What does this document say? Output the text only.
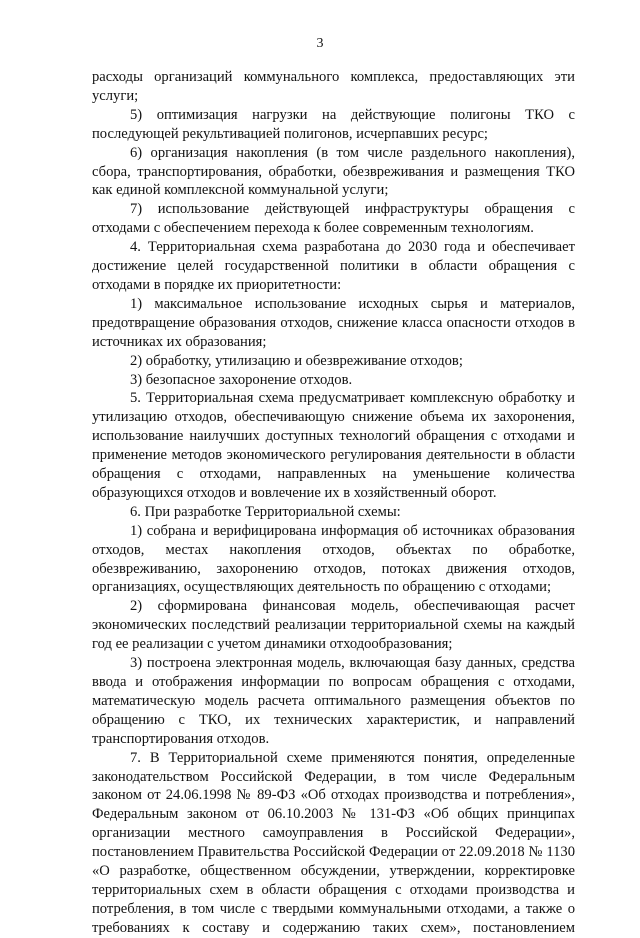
3

расходы организаций коммунального комплекса, предоставляющих эти услуги;

5) оптимизация нагрузки на действующие полигоны ТКО с последующей рекультивацией полигонов, исчерпавших ресурс;

6) организация накопления (в том числе раздельного накопления), сбора, транспортирования, обработки, обезвреживания и размещения ТКО как единой комплексной коммунальной услуги;

7) использование действующей инфраструктуры обращения с отходами с обеспечением перехода к более современным технологиям.

4. Территориальная схема разработана до 2030 года и обеспечивает достижение целей государственной политики в области обращения с отходами в порядке их приоритетности:

1) максимальное использование исходных сырья и материалов, предотвращение образования отходов, снижение класса опасности отходов в источниках их образования;

2) обработку, утилизацию и обезвреживание отходов;

3) безопасное захоронение отходов.

5. Территориальная схема предусматривает комплексную обработку и утилизацию отходов, обеспечивающую снижение объема их захоронения, использование наилучших доступных технологий обращения с отходами и применение методов экономического регулирования деятельности в области обращения с отходами, направленных на уменьшение количества образующихся отходов и вовлечение их в хозяйственный оборот.

6. При разработке Территориальной схемы:

1) собрана и верифицирована информация об источниках образования отходов, местах накопления отходов, объектах по обработке, обезвреживанию, захоронению отходов, потоках движения отходов, организациях, осуществляющих деятельность по обращению с отходами;

2) сформирована финансовая модель, обеспечивающая расчет экономических последствий реализации территориальной схемы на каждый год ее реализации с учетом динамики отходообразования;

3) построена электронная модель, включающая базу данных, средства ввода и отображения информации по вопросам обращения с отходами, математическую модель расчета оптимального размещения объектов по обращению с ТКО, их технических характеристик, и направлений транспортирования отходов.

7. В Территориальной схеме применяются понятия, определенные законодательством Российской Федерации, в том числе Федеральным законом от 24.06.1998 № 89-ФЗ «Об отходах производства и потребления», Федеральным законом от 06.10.2003 № 131-ФЗ «Об общих принципах организации местного самоуправления в Российской Федерации», постановлением Правительства Российской Федерации от 22.09.2018 № 1130 «О разработке, общественном обсуждении, утверждении, корректировке территориальных схем в области обращения с отходами производства и потребления, в том числе с твердыми коммунальными отходами, а также о требованиях к составу и содержанию таких схем», постановлением
